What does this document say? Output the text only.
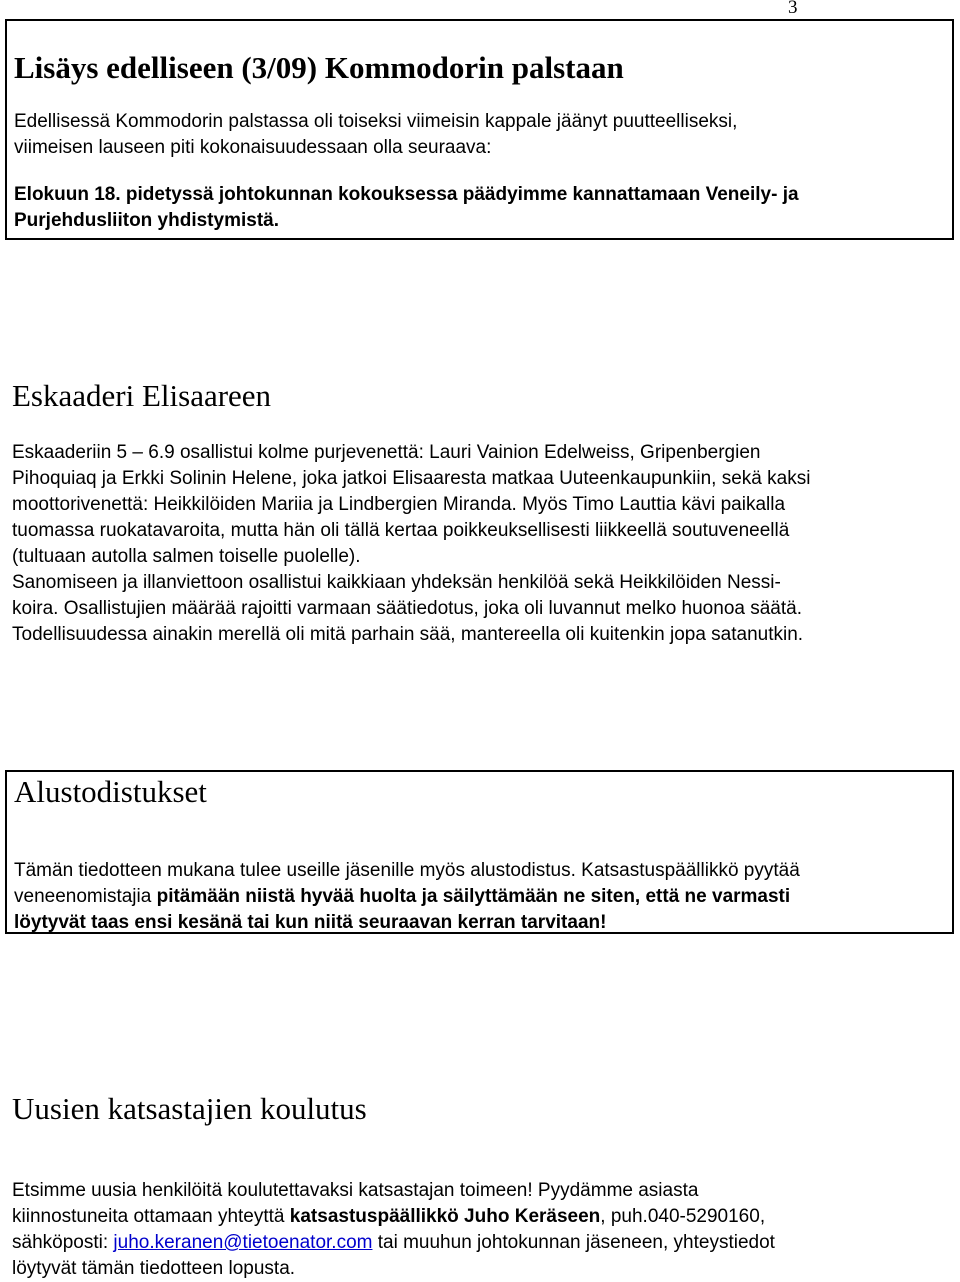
3
Lisäys edelliseen (3/09) Kommodorin palstaan
Edellisessä Kommodorin palstassa oli toiseksi viimeisin kappale jäänyt puutteelliseksi,
viimeisen lauseen piti kokonaisuudessaan olla seuraava:
Elokuun 18. pidetyssä johtokunnan kokouksessa päädyimme kannattamaan Veneily- ja
Purjehdusliiton yhdistymistä.
Eskaaderi Elisaareen
Eskaaderiin 5 – 6.9 osallistui kolme purjevenettä: Lauri Vainion Edelweiss, Gripenbergien
Pihoquiaq ja Erkki Solinin Helene, joka jatkoi Elisaaresta matkaa Uuteenkaupunkiin, sekä kaksi
moottorivenettä: Heikkilöiden Mariia ja Lindbergien Miranda. Myös Timo Lauttia kävi paikalla
tuomassa ruokatavaroita, mutta hän oli tällä kertaa poikkeuksellisesti liikkeellä soutuveneellä
(tultuaan autolla salmen toiselle puolelle).
Sanomiseen ja illanviettoon osallistui kaikkiaan yhdeksän henkilöä sekä Heikkilöiden Nessi-
koira. Osallistujien määrää rajoitti varmaan säätiedotus, joka oli luvannut melko huonoa säätä.
Todellisuudessa ainakin merellä oli mitä parhain sää, mantereella oli kuitenkin jopa satanutkin.
Alustodistukset
Tämän tiedotteen mukana tulee useille jäsenille myös alustodistus. Katsastuspäällikkö pyytää
veneenomistajia pitämään niistä hyvää huolta ja säilyttämään ne siten, että ne varmasti
löytyvät taas ensi kesänä tai kun niitä seuraavan kerran tarvitaan!
Uusien katsastajien koulutus
Etsimme uusia henkilöitä koulutettavaksi katsastajan toimeen! Pyydämme asiasta
kiinnostuneita ottamaan yhteyttä katsastuspäällikkö Juho Keräseen, puh.040-5290160,
sähköposti: juho.keranen@tietoenator.com tai muuhun johtokunnan jäseneen, yhteystiedot
löytyvät tämän tiedotteen lopusta.
